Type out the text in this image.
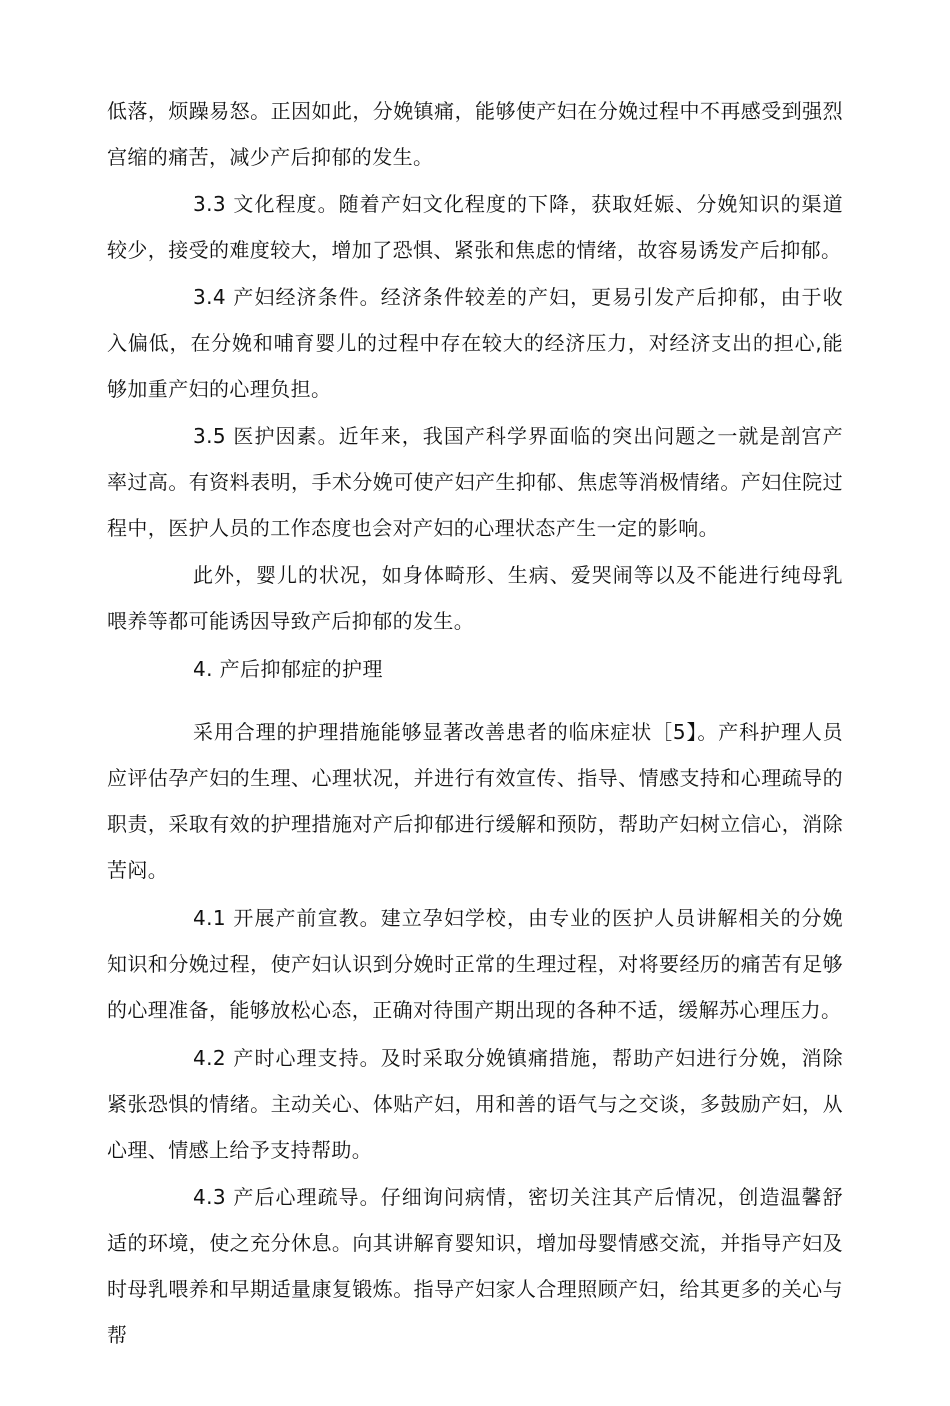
低落，烦躁易怒。正因如此，分娩镇痛，能够使产妇在分娩过程中不再感受到强烈宫缩的痛苦，减少产后抑郁的发生。

3.3 文化程度。随着产妇文化程度的下降，获取妊娠、分娩知识的渠道较少，接受的难度较大，增加了恐惧、紧张和焦虑的情绪，故容易诱发产后抑郁。

3.4 产妇经济条件。经济条件较差的产妇，更易引发产后抑郁，由于收入偏低，在分娩和哺育婴儿的过程中存在较大的经济压力，对经济支出的担心,能够加重产妇的心理负担。

3.5 医护因素。近年来，我国产科学界面临的突出问题之一就是剖宫产率过高。有资料表明，手术分娩可使产妇产生抑郁、焦虑等消极情绪。产妇住院过程中，医护人员的工作态度也会对产妇的心理状态产生一定的影响。

此外，婴儿的状况，如身体畸形、生病、爱哭闹等以及不能进行纯母乳喂养等都可能诱因导致产后抑郁的发生。

4. 产后抑郁症的护理

采用合理的护理措施能够显著改善患者的临床症状［5】。产科护理人员应评估孕产妇的生理、心理状况，并进行有效宣传、指导、情感支持和心理疏导的职责，采取有效的护理措施对产后抑郁进行缓解和预防，帮助产妇树立信心，消除苦闷。

4.1 开展产前宣教。建立孕妇学校，由专业的医护人员讲解相关的分娩知识和分娩过程，使产妇认识到分娩时正常的生理过程，对将要经历的痛苦有足够的心理准备，能够放松心态，正确对待围产期出现的各种不适，缓解苏心理压力。

4.2 产时心理支持。及时采取分娩镇痛措施，帮助产妇进行分娩，消除紧张恐惧的情绪。主动关心、体贴产妇，用和善的语气与之交谈，多鼓励产妇，从心理、情感上给予支持帮助。

4.3 产后心理疏导。仔细询问病情，密切关注其产后情况，创造温馨舒适的环境，使之充分休息。向其讲解育婴知识，增加母婴情感交流，并指导产妇及时母乳喂养和早期适量康复锻炼。指导产妇家人合理照顾产妇，给其更多的关心与帮
